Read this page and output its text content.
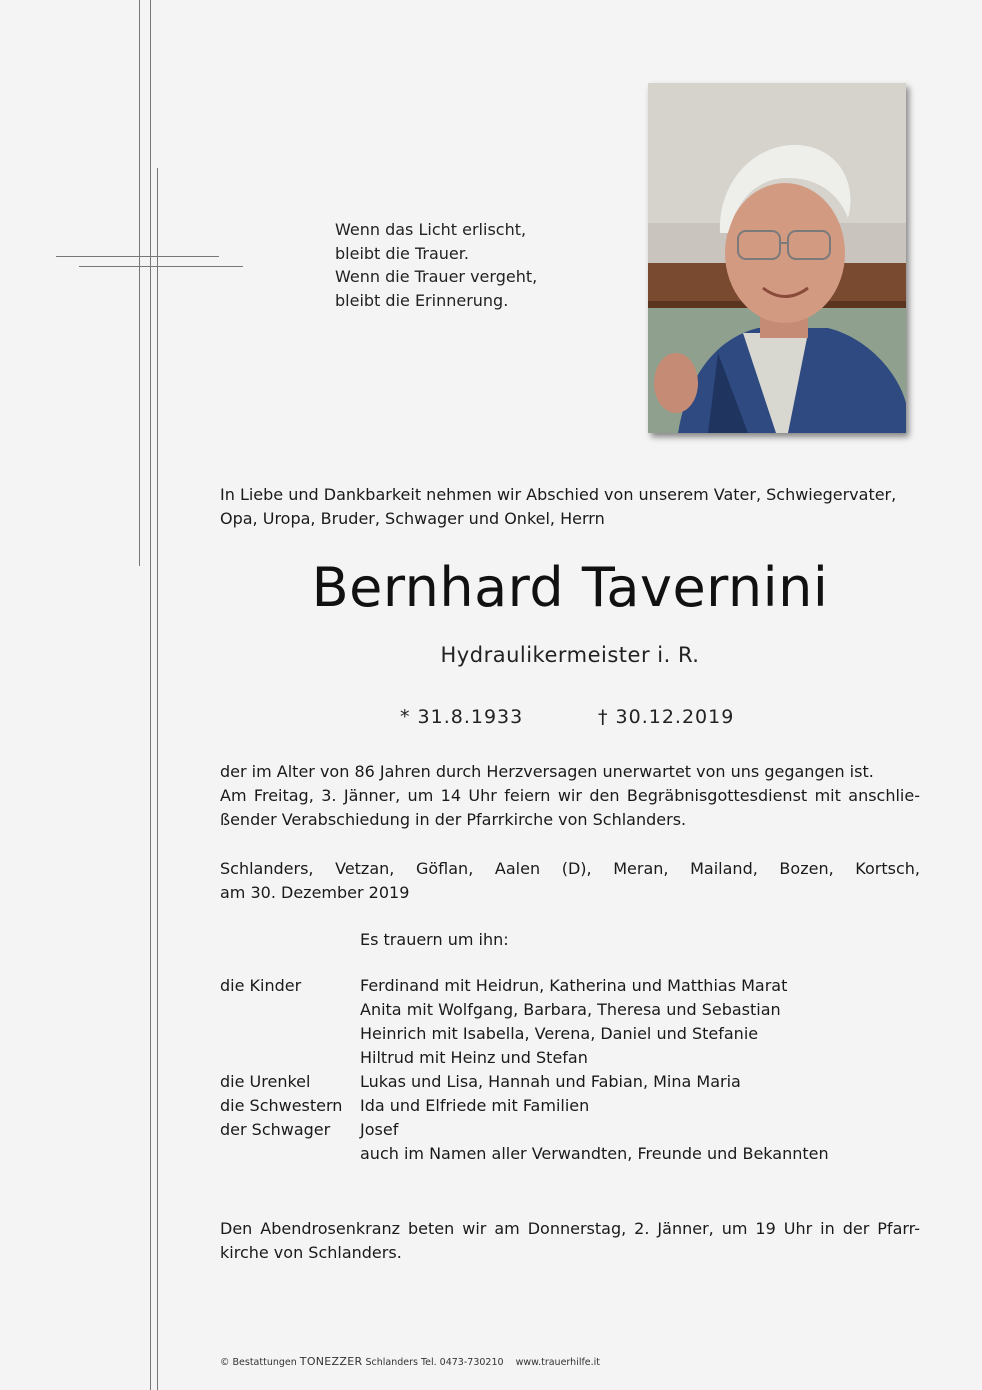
Wenn das Licht erlischt,
bleibt die Trauer.
Wenn die Trauer vergeht,
bleibt die Erinnerung.
In Liebe und Dankbarkeit nehmen wir Abschied von unserem Vater, Schwiegervater,
Opa, Uropa, Bruder, Schwager und Onkel, Herrn
Bernhard Tavernini
Hydraulikermeister i. R.
* 31.8.1933	† 30.12.2019
der im Alter von 86 Jahren durch Herzversagen unerwartet von uns gegangen ist.
Am Freitag, 3. Jänner, um 14 Uhr feiern wir den Begräbnisgottesdienst mit anschlie-
ßender Verabschiedung in der Pfarrkirche von Schlanders.
Schlanders, Vetzan, Göflan, Aalen (D), Meran, Mailand, Bozen, Kortsch,
am 30. Dezember 2019
Es trauern um ihn:
die Kinder	Ferdinand mit Heidrun, Katherina und Matthias Marat
Anita mit Wolfgang, Barbara, Theresa und Sebastian
Heinrich mit Isabella, Verena, Daniel und Stefanie
Hiltrud mit Heinz und Stefan
die Urenkel	Lukas und Lisa, Hannah und Fabian, Mina Maria
die Schwestern	Ida und Elfriede mit Familien
der Schwager	Josef
auch im Namen aller Verwandten, Freunde und Bekannten
Den Abendrosenkranz beten wir am Donnerstag, 2. Jänner, um 19 Uhr in der Pfarr-
kirche von Schlanders.
© Bestattungen TONEZZER Schlanders Tel. 0473-730210 www.trauerhilfe.it
